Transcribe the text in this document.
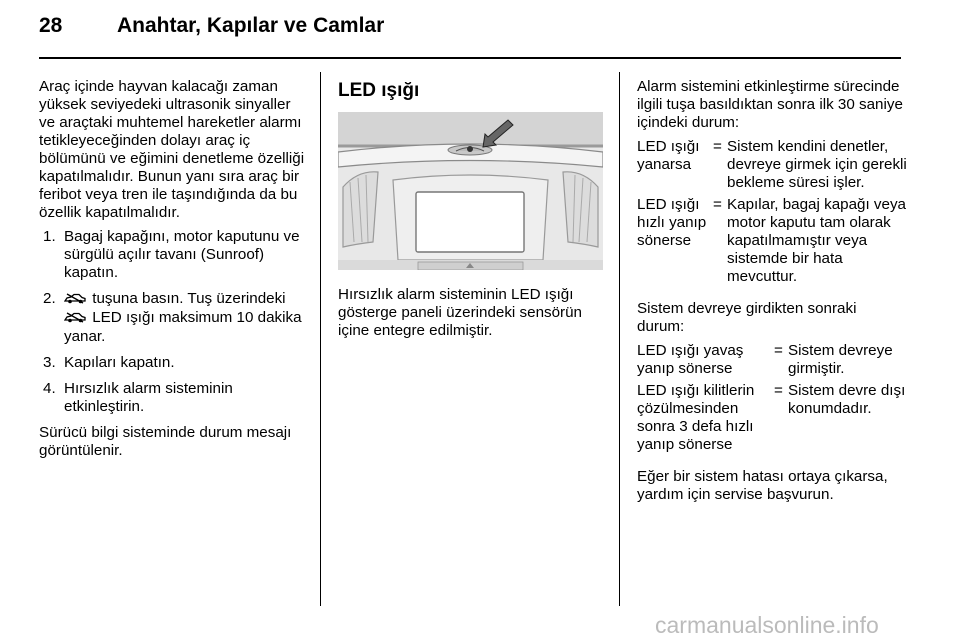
28	Anahtar, Kapılar ve Camlar

Araç içinde hayvan kalacağı zaman yüksek seviyedeki ultrasonik sinyaller ve araçtaki muhtemel hareketler alarmı tetikleyeceğinden dolayı araç iç bölümünü ve eğimini denetleme özelliği kapatılmalıdır. Bunun yanı sıra araç bir feribot veya tren ile taşındığında da bu özellik kapatılmalıdır.

1. Bagaj kapağını, motor kaputunu ve sürgülü açılır tavanı (Sunroof) kapatın.
2.	tuşuna basın. Tuş üzerindeki  LED ışığı maksimum 10 dakika yanar.
3. Kapıları kapatın.
4. Hırsızlık alarm sisteminin etkinleştirin.

Sürücü bilgi sisteminde durum mesajı görüntülenir.

LED ışığı

Hırsızlık alarm sisteminin LED ışığı gösterge paneli üzerindeki sensörün içine entegre edilmiştir.

Alarm sistemini etkinleştirme sürecinde ilgili tuşa basıldıktan sonra ilk 30 saniye içindeki durum:

LED ışığı yanarsa
= Sistem kendini denetler, devreye girmek için gerekli bekleme süresi işler.
LED ışığı hızlı yanıp sönerse
= Kapılar, bagaj kapağı veya motor kaputu tam olarak kapatılmamıştır veya sistemde bir hata mevcuttur.

Sistem devreye girdikten sonraki durum:

LED ışığı yavaş yanıp sönerse
= Sistem devreye girmiştir.
LED ışığı kilitlerin çözülmesinden sonra 3 defa hızlı yanıp sönerse
= Sistem devre dışı konumdadır.

Eğer bir sistem hatası ortaya çıkarsa, yardım için servise başvurun.

carmanualsonline.info
